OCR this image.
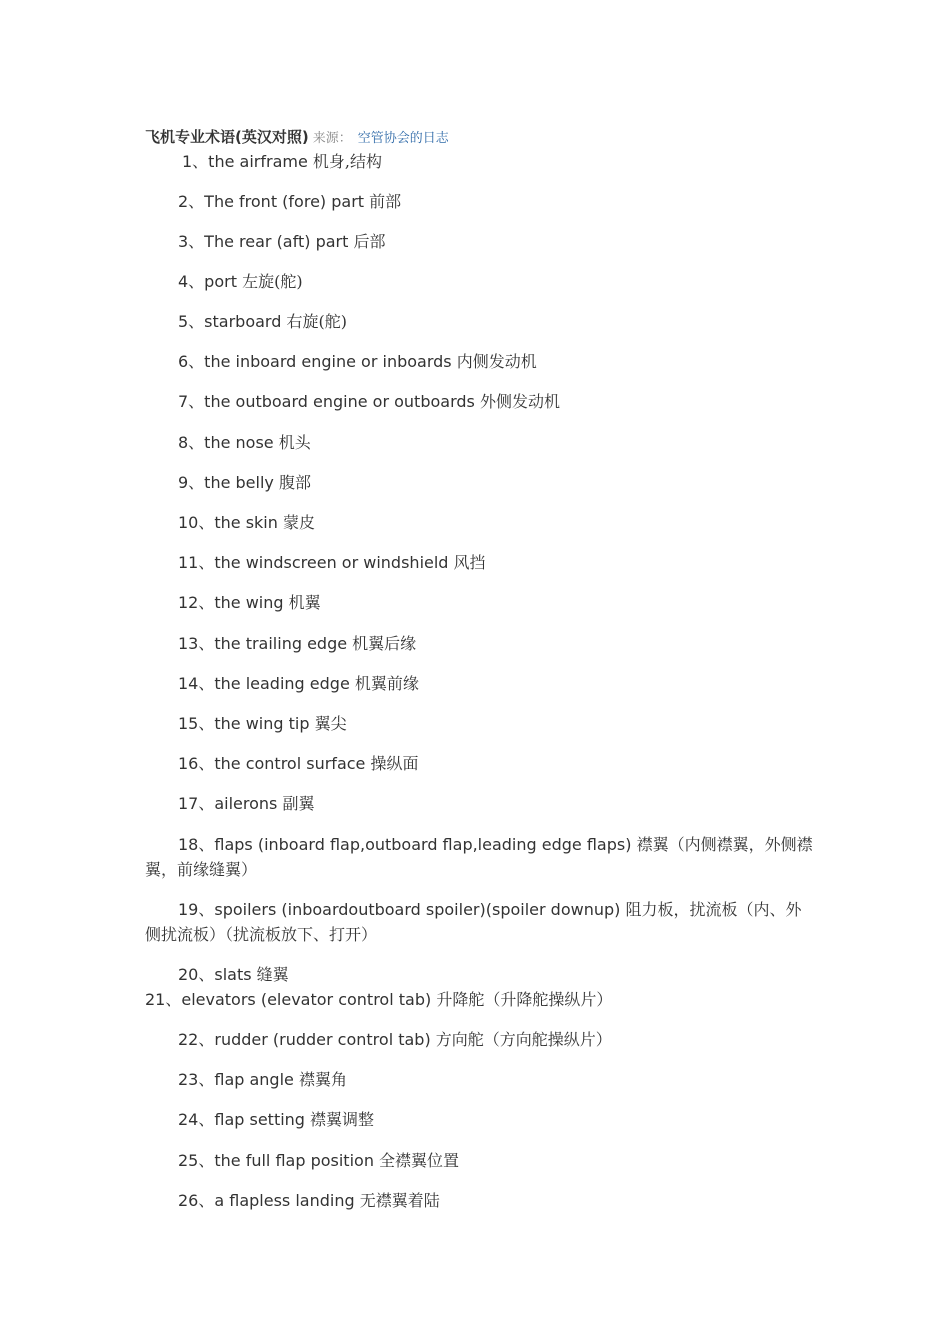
飞机专业术语(英汉对照) 来源： 空管协会的日志
1、the airframe 机身,结构
2、The front (fore) part 前部
3、The rear (aft) part 后部
4、port 左旋(舵)
5、starboard 右旋(舵)
6、the inboard engine or inboards 内侧发动机
7、the outboard engine or outboards 外侧发动机
8、the nose 机头
9、the belly 腹部
10、the skin 蒙皮
11、the windscreen or windshield 风挡
12、the wing 机翼
13、the trailing edge 机翼后缘
14、the leading edge 机翼前缘
15、the wing tip 翼尖
16、the control surface 操纵面
17、ailerons 副翼
18、flaps (inboard flap,outboard flap,leading edge flaps) 襟翼（内侧襟翼，外侧襟翼，前缘缝翼）
19、spoilers (inboardoutboard spoiler)(spoiler downup) 阻力板，扰流板（内、外侧扰流板）（扰流板放下、打开）
20、slats 缝翼
21、elevators (elevator control tab) 升降舵（升降舵操纵片）
22、rudder (rudder control tab) 方向舵（方向舵操纵片）
23、flap angle 襟翼角
24、flap setting 襟翼调整
25、the full flap position 全襟翼位置
26、a flapless landing 无襟翼着陆
